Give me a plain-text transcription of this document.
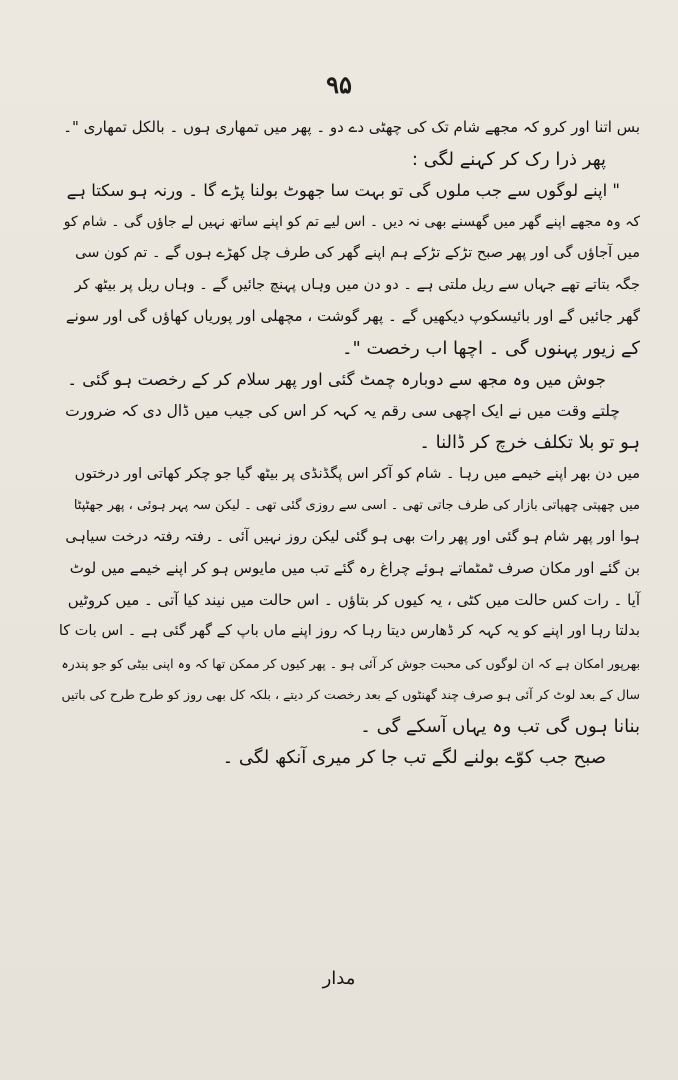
۹۵
بس اتنا اور کرو کہ مجھے شام تک کی چھٹی دے دو ۔ پھر میں تمھاری ہوں ۔ بالکل تمھاری "۔
پھر ذرا رک کر کہنے لگی :
" اپنے لوگوں سے جب ملوں گی تو بہت سا جھوٹ بولنا پڑے گا ۔ ورنہ ہو سکتا ہے
کہ وہ مجھے اپنے گھر میں گھسنے بھی نہ دیں ۔ اس لیے تم کو اپنے ساتھ نہیں لے جاؤں گی ۔ شام کو
میں آجاؤں گی اور پھر صبح تڑکے تڑکے ہم اپنے گھر کی طرف چل کھڑے ہوں گے ۔ تم کون سی
جگہ بتاتے تھے جہاں سے ریل ملتی ہے ۔ دو دن میں وہاں پہنچ جائیں گے ۔ وہاں ریل پر بیٹھ کر
گھر جائیں گے اور بائیسکوپ دیکھیں گے ۔ پھر گوشت ، مچھلی اور پوریاں کھاؤں گی اور سونے
کے زیور پہنوں گی ۔ اچھا اب رخصت "۔
جوش میں وہ مجھ سے دوبارہ چمٹ گئی اور پھر سلام کر کے رخصت ہو گئی ۔
چلتے وقت میں نے ایک اچھی سی رقم یہ کہہ کر اس کی جیب میں ڈال دی کہ ضرورت
ہو تو بلا تکلف خرچ کر ڈالنا ۔
میں دن بھر اپنے خیمے میں رہا ۔ شام کو آکر اس پگڈنڈی پر بیٹھ گیا جو چکر کھاتی اور درختوں
میں چھپتی چھپاتی بازار کی طرف جاتی تھی ۔ اسی سے روزی گئی تھی ۔ لیکن سہ پہر ہوئی ، پھر جھٹپٹا
ہوا اور پھر شام ہو گئی اور پھر رات بھی ہو گئی لیکن روز نہیں آئی ۔ رفتہ رفتہ درخت سیاہی
بن گئے اور مکان صرف ٹمٹماتے ہوئے چراغ رہ گئے تب میں مایوس ہو کر اپنے خیمے میں لوٹ
آیا ۔ رات کس حالت میں کٹی ، یہ کیوں کر بتاؤں ۔ اس حالت میں نیند کیا آتی ۔ میں کروٹیں
بدلتا رہا اور اپنے کو یہ کہہ کر ڈھارس دیتا رہا کہ روز اپنے ماں باپ کے گھر گئی ہے ۔ اس بات کا
بھرپور امکان ہے کہ ان لوگوں کی محبت جوش کر آئی ہو ۔ پھر کیوں کر ممکن تھا کہ وہ اپنی بیٹی کو جو پندرہ
سال کے بعد لوٹ کر آئی ہو صرف چند گھنٹوں کے بعد رخصت کر دیتے ، بلکہ کل بھی روز کو طرح طرح کی باتیں
بنانا ہوں گی تب وہ یہاں آسکے گی ۔
صبح جب کوّے بولنے لگے تب جا کر میری آنکھ لگی ۔
مدار
